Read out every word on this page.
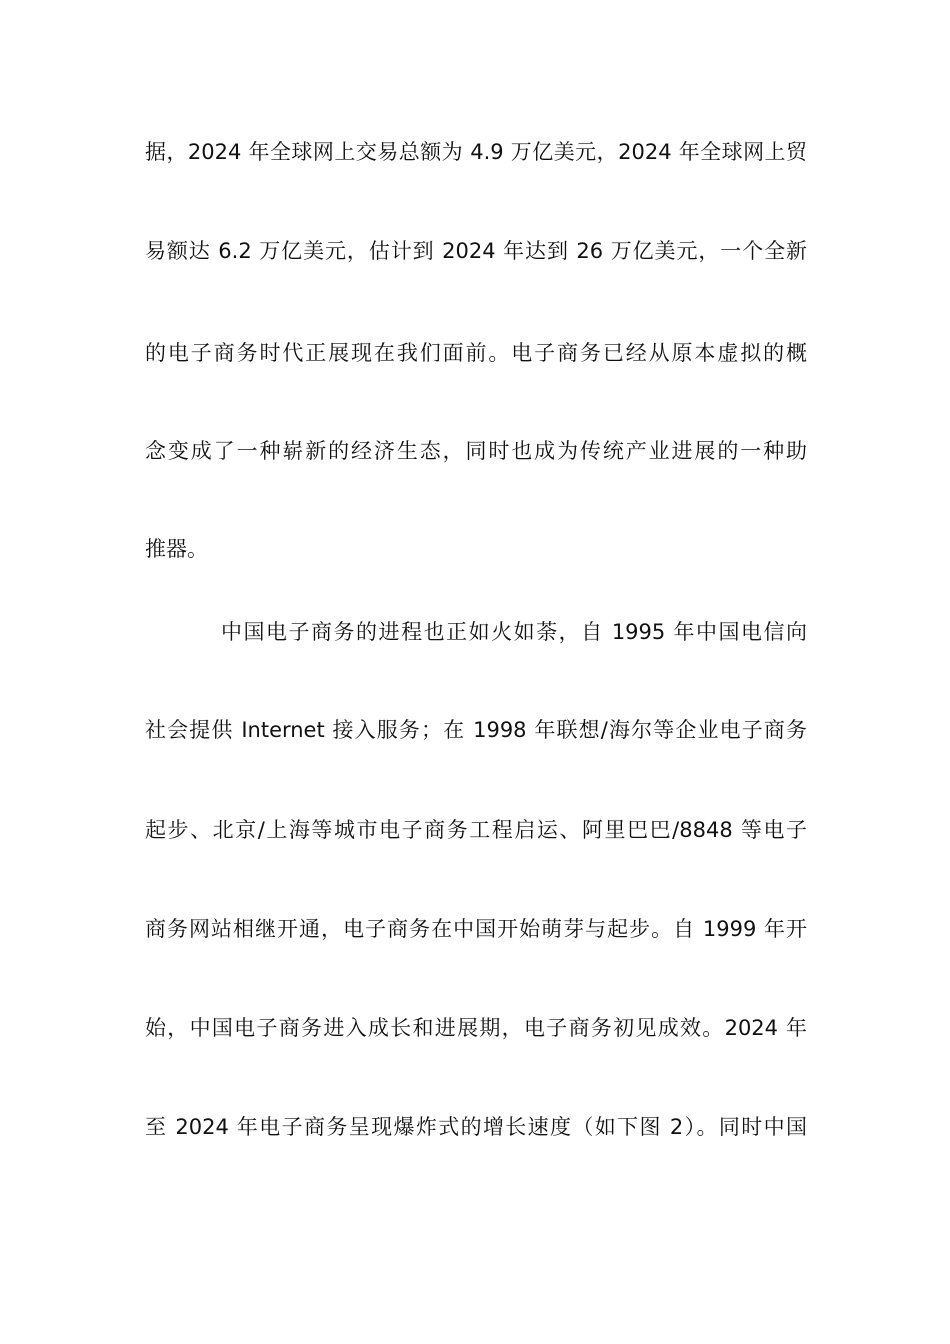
据，2024 年全球网上交易总额为 4.9 万亿美元，2024 年全球网上贸
易额达 6.2 万亿美元，估计到 2024 年达到 26 万亿美元，一个全新
的电子商务时代正展现在我们面前。电子商务已经从原本虚拟的概
念变成了一种崭新的经济生态，同时也成为传统产业进展的一种助
推器。
中国电子商务的进程也正如火如荼，自 1995 年中国电信向
社会提供 Internet 接入服务；在 1998 年联想/海尔等企业电子商务
起步、北京/上海等城市电子商务工程启运、阿里巴巴/8848 等电子
商务网站相继开通，电子商务在中国开始萌芽与起步。自 1999 年开
始，中国电子商务进入成长和进展期，电子商务初见成效。2024 年
至 2024 年电子商务呈现爆炸式的增长速度（如下图 2）。同时中国
